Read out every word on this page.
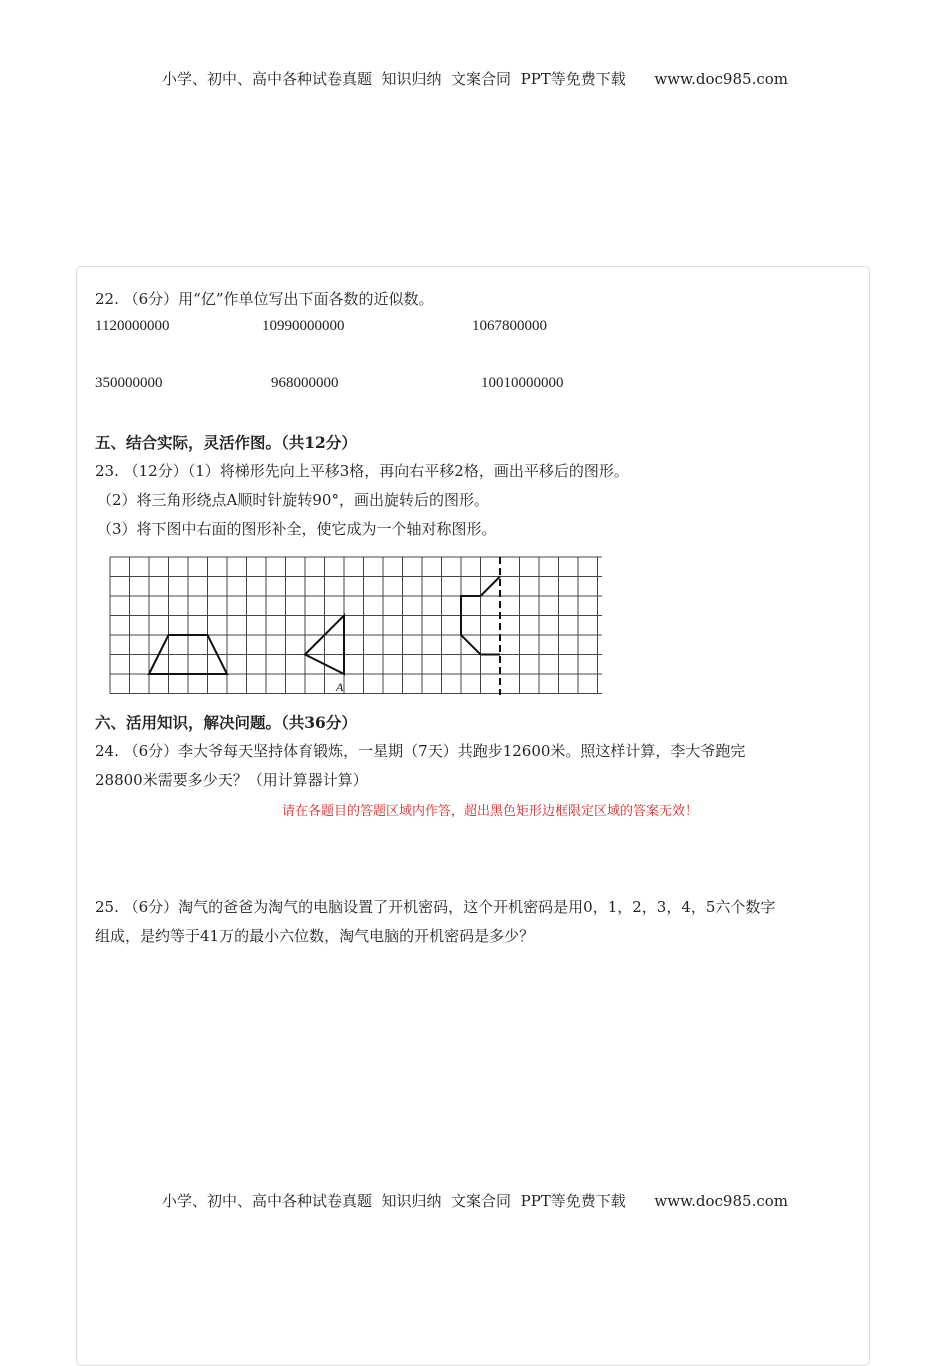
小学、初中、高中各种试卷真题  知识归纳  文案合同  PPT等免费下载      www.doc985.com
22. （6分）用“亿”作单位写出下面各数的近似数。
1120000000	10990000000	1067800000
350000000	968000000	10010000000
五、结合实际，灵活作图。（共12分）
23. （12分）（1）将梯形先向上平移3格，再向右平移2格，画出平移后的图形。
（2）将三角形绕点A顺时针旋转90°，画出旋转后的图形。
（3）将下图中右面的图形补全，使它成为一个轴对称图形。
A
六、活用知识，解决问题。（共36分）
24. （6分）李大爷每天坚持体育锻炼，一星期（7天）共跑步12600米。照这样计算，李大爷跑完
28800米需要多少天？（用计算器计算）
请在各题目的答题区域内作答，超出黑色矩形边框限定区域的答案无效！
25. （6分）淘气的爸爸为淘气的电脑设置了开机密码，这个开机密码是用0，1，2，3，4，5六个数字
组成，是约等于41万的最小六位数，淘气电脑的开机密码是多少？
小学、初中、高中各种试卷真题  知识归纳  文案合同  PPT等免费下载      www.doc985.com
